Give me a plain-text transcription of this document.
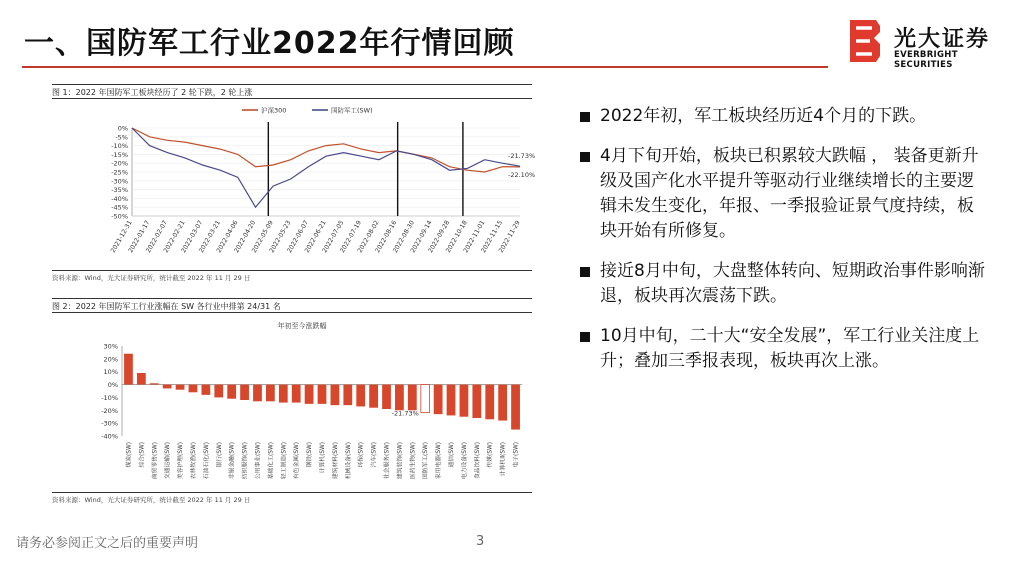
一、国防军工行业2022年行情回顾	光大证券
EVERBRIGHT SECURITIES
图 1：2022 年国防军工板块经历了 2 轮下跌，2 轮上涨
0%
-5%
-10%
-15%
-20%
-25%
-30%
-35%
-40%
-45%
-50%
沪深300	国防军工(SW)
-21.73%
-22.10%
2021-12-31
2022-01-17
2022-02-07
2022-02-21
2022-03-07
2022-03-21
2022-04-06
2022-04-20
2022-05-09
2022-05-23
2022-06-07
2022-06-21
2022-07-05
2022-07-19
2022-08-02
2022-08-16
2022-08-30
2022-09-14
2022-09-28
2022-10-18
2022-11-01
2022-11-15
2022-11-29
资料来源：Wind，光大证券研究所，统计截至 2022 年 11 月 29 日
图 2：2022 年国防军工行业涨幅在 SW 各行业中排第 24/31 名
年初至今涨跌幅
30%
20%
10%
0%
-10%
-20%
-30%
-40%
煤炭(SW)	综合(SW)	商贸零售(SW)	交通运输(SW)	美容护理(SW)	农林牧渔(SW)	石油石化(SW)	银行(SW)	非银金融(SW)	纺织服饰(SW)	公用事业(SW)	基础化工(SW)	轻工制造(SW)	有色金属(SW)	钢铁(SW)	计算机(SW)	建筑材料(SW)	机械设备(SW)	环保(SW)	汽车(SW)	社会服务(SW)	建筑装饰(SW)	医药生物(SW)
-21.73%
国防军工(SW)	家用电器(SW)	通信(SW)	电力设备(SW)	食品饮料(SW)	传媒(SW)	计算机Ⅱ(SW)	电子(SW)
资料来源：Wind，光大证券研究所，统计截至 2022 年 11 月 29 日
2022年初，军工板块经历近4个月的下跌。
4月下旬开始，板块已积累较大跌幅 ， 装备更新升级及国产化水平提升等驱动行业继续增长的主要逻辑未发生变化，年报、一季报验证景气度持续，板块开始有所修复。
接近8月中旬，大盘整体转向、短期政治事件影响渐退，板块再次震荡下跌。
10月中旬，二十大“安全发展”，军工行业关注度上升；叠加三季报表现，板块再次上涨。
请务必参阅正文之后的重要声明	3
